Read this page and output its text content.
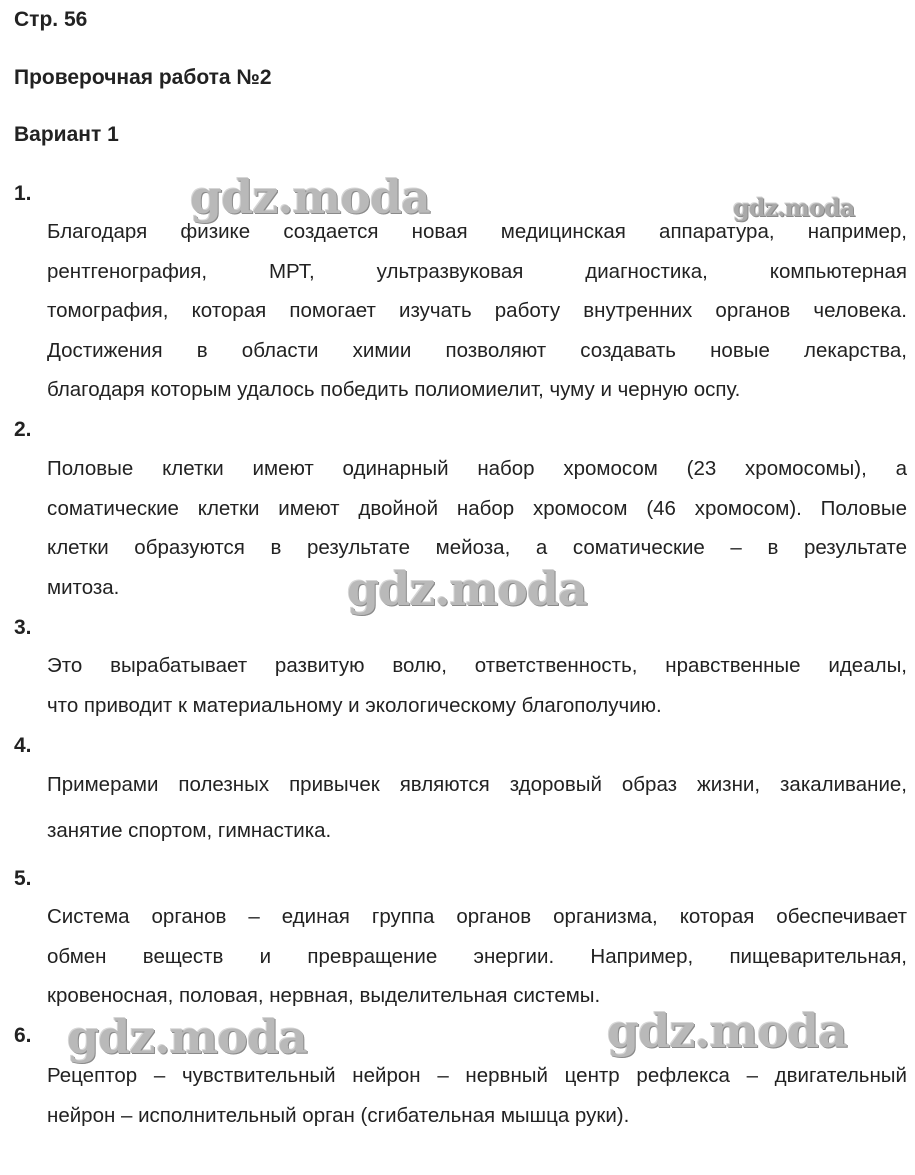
Стр. 56
Проверочная работа №2
Вариант 1
1.
Благодаря физике создается новая медицинская аппаратура, например,
рентгенография, МРТ, ультразвуковая диагностика, компьютерная
томография, которая помогает изучать работу внутренних органов человека.
Достижения в области химии позволяют создавать новые лекарства,
благодаря которым удалось победить полиомиелит, чуму и черную оспу.
2.
Половые клетки имеют одинарный набор хромосом (23 хромосомы), а
соматические клетки имеют двойной набор хромосом (46 хромосом). Половые
клетки образуются в результате мейоза, а соматические – в результате
митоза.
3.
Это вырабатывает развитую волю, ответственность, нравственные идеалы,
что приводит к материальному и экологическому благополучию.
4.
Примерами полезных привычек являются здоровый образ жизни, закаливание,
занятие спортом, гимнастика.
5.
Система органов – единая группа органов организма, которая обеспечивает
обмен веществ и превращение энергии. Например, пищеварительная,
кровеносная, половая, нервная, выделительная системы.
6.
Рецептор – чувствительный нейрон – нервный центр рефлекса – двигательный
нейрон – исполнительный орган (сгибательная мышца руки).
gdz.moda	gdz.moda
gdz.moda
gdz.moda	gdz.moda
